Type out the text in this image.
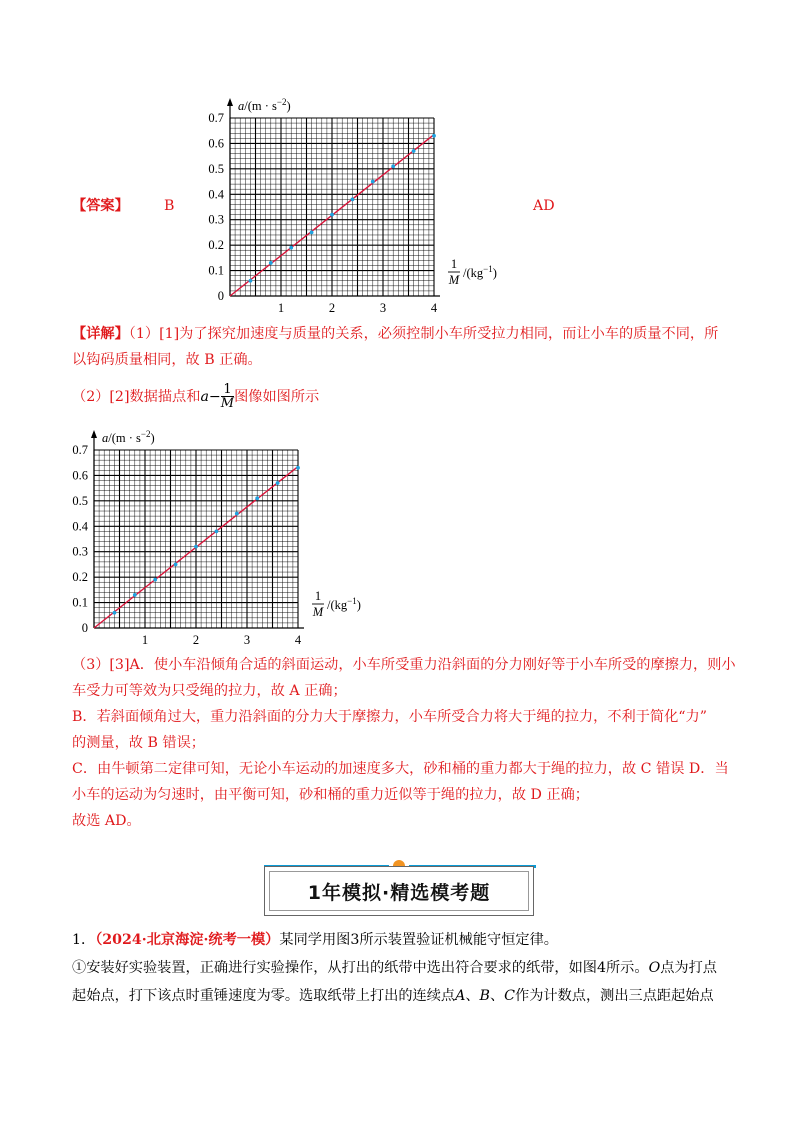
【答案】 B	AD
0
0.1
0.2
0.3
0.4
0.5
0.6
0.7
1	2	3	4
$a/(m \cdot s^{-2})$
1
M $/(kg^{-1})$
【详解】（1）[1]为了探究加速度与质量的关系，必须控制小车所受拉力相同，而让小车的质量不同，所
以钩码质量相同，故 B 正确。
（2）[2]数据描点和 $a - \frac{1}{M}$ 图像如图所示
0
0.1
0.2
0.3
0.4
0.5
0.6
0.7
1	2	3	4
$a/(m \cdot s^{-2})$
1
M $/(kg^{-1})$
（3）[3]A．使小车沿倾角合适的斜面运动，小车所受重力沿斜面的分力刚好等于小车所受的摩擦力，则小
车受力可等效为只受绳的拉力，故 A 正确；
B．若斜面倾角过大，重力沿斜面的分力大于摩擦力，小车所受合力将大于绳的拉力，不利于简化“力”
的测量，故 B 错误；
C．由牛顿第二定律可知，无论小车运动的加速度多大，砂和桶的重力都大于绳的拉力，故 C 错误 D．当
小车的运动为匀速时，由平衡可知，砂和桶的重力近似等于绳的拉力，故 D 正确；
故选 AD。
1年模拟·精选模考题
1．（2024·北京海淀·统考一模）某同学用图3所示装置验证机械能守恒定律。
①安装好实验装置，正确进行实验操作，从打出的纸带中选出符合要求的纸带，如图4所示。O点为打点
起始点，打下该点时重锤速度为零。选取纸带上打出的连续点A、B、C作为计数点，测出三点距起始点
